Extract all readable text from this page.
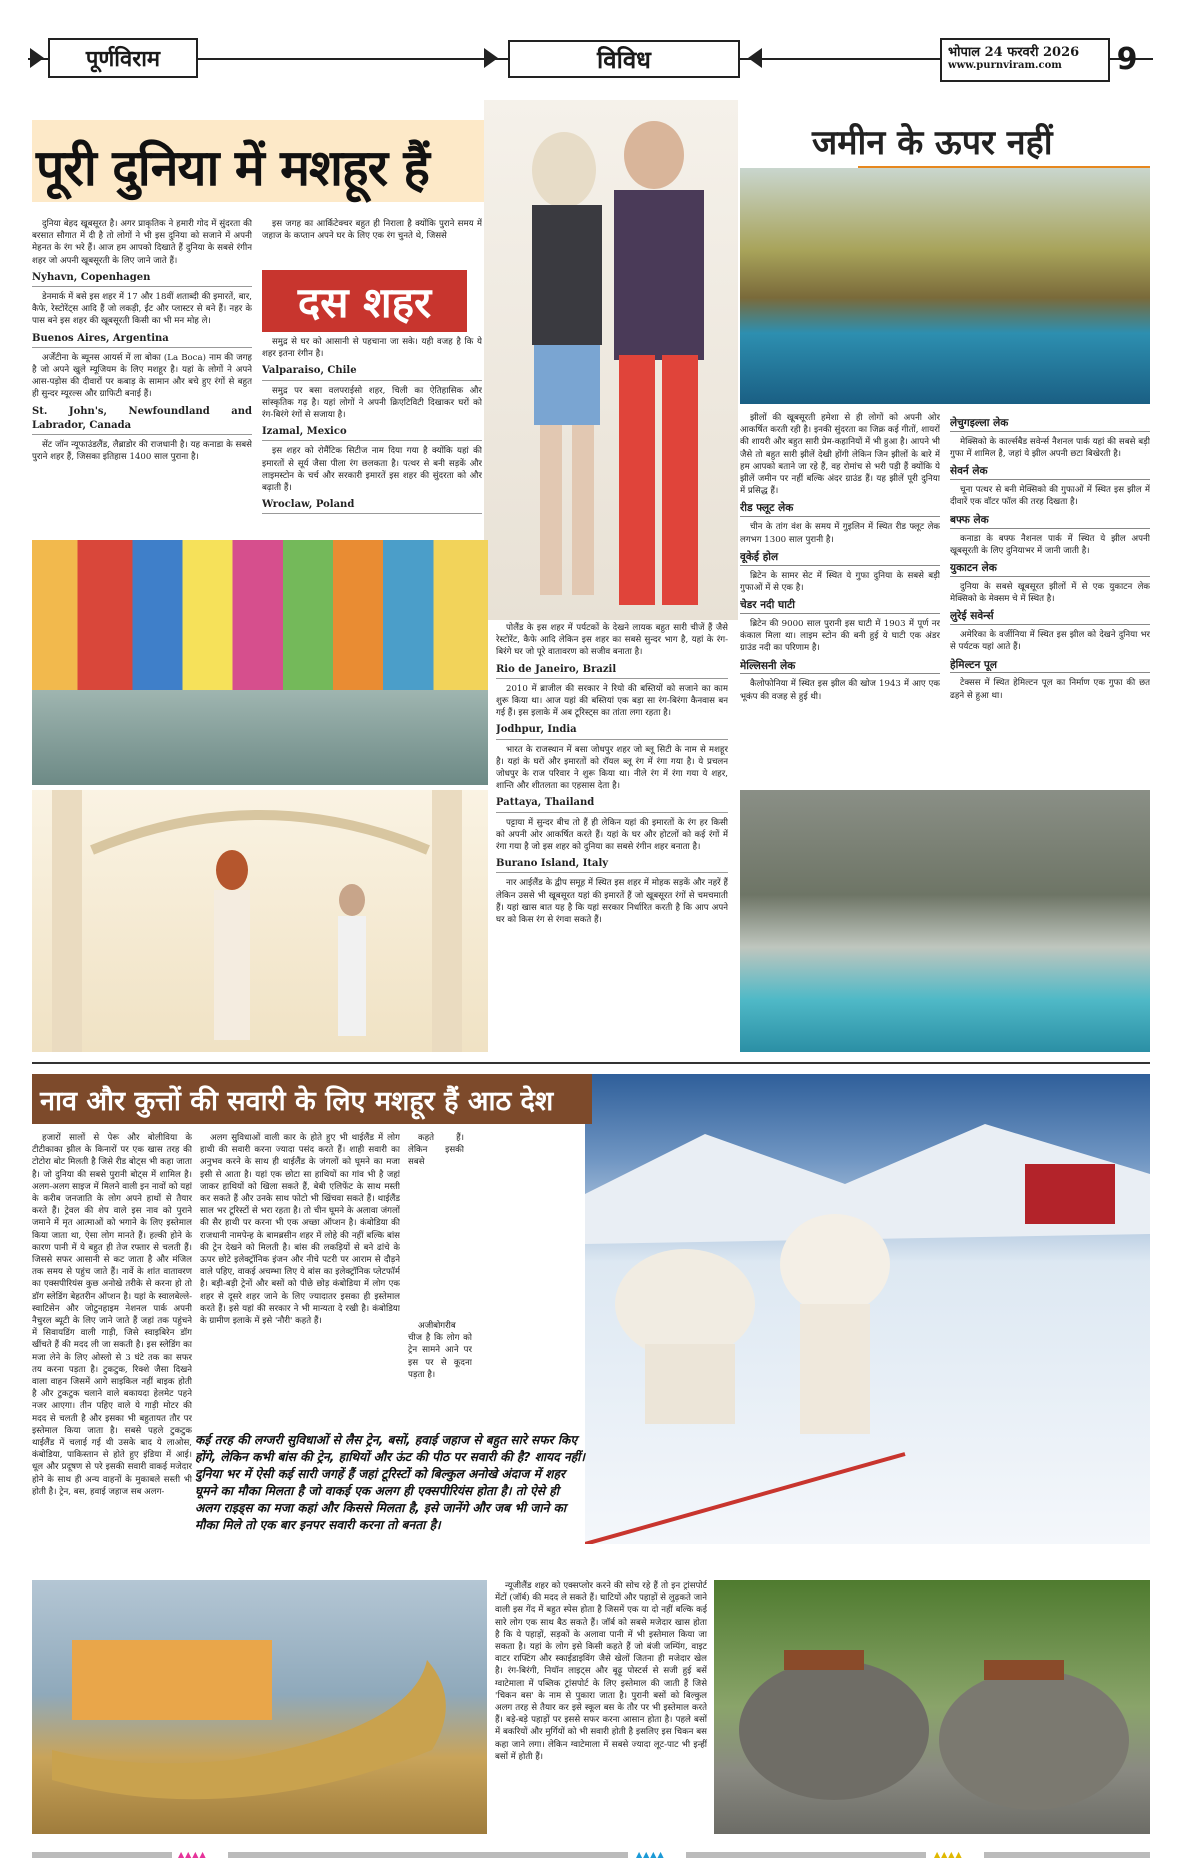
पूर्णविराम	विविध	भोपाल 24 फरवरी 2026
www.purnviram.com	9
पूरी दुनिया में मशहूर हैं
दस शहर

दुनिया बेहद खूबसूरत है। अगर प्राकृतिक ने हमारी गोद में सुंदरता की बरसात सौगात में दी है तो लोगों ने भी इस दुनिया को सजाने में अपनी मेहनत के रंग भरे हैं। आज हम आपको दिखाते हैं दुनिया के सबसे रंगीन शहर जो अपनी खूबसूरती के लिए जाने जाते हैं।

Nyhavn, Copenhagen

डेनमार्क में बसे इस शहर में 17 और 18वीं शताब्दी की इमारतें, बार, कैफे, रेस्टोरेंट्स आदि हैं जो लकड़ी, ईंट और प्लास्टर से बने हैं। नहर के पास बने इस शहर की खूबसूरती किसी का भी मन मोह ले।

Buenos Aires, Argentina

अर्जेंटीना के ब्यूनस आयर्स में ला बोका (La Boca) नाम की जगह है जो अपने खुले म्यूजियम के लिए मशहूर है। यहां के लोगों ने अपने आस-पड़ोस की दीवारों पर कबाड़ के सामान और बचे हुए रंगों से बहुत ही सुन्दर म्यूरल्स और ग्राफिटी बनाई हैं।

St. John's, Newfoundland and Labrador, Canada

सेंट जॉन न्यूफाउंडलैंड, लैब्राडोर की राजधानी है। यह कनाडा के सबसे पुराने शहर हैं, जिसका इतिहास 1400 साल पुराना है।

इस जगह का आर्किटेक्चर बहुत ही निराला है क्योंकि पुराने समय में जहाज के कप्तान अपने घर के लिए एक रंग चुनते थे, जिससे

समुद्र से घर को आसानी से पहचाना जा सके। यही वजह है कि ये शहर इतना रंगीन है।

Valparaiso, Chile

समुद्र पर बसा वलपराईसो शहर, चिली का ऐतिहासिक और सांस्कृतिक गढ़ है। यहां लोगों ने अपनी क्रिएटिविटी दिखाकर घरों को रंग-बिरंगे रंगों से सजाया है।

Izamal, Mexico

इस शहर को रोमैंटिक सिटीज नाम दिया गया है क्योंकि यहां की इमारतों से सूर्य जैसा पीला रंग छलकता है। पत्थर से बनी सड़कें और लाइमस्टोन के चर्च और सरकारी इमारतें इस शहर की सुंदरता को और बढ़ाती हैं।

Wroclaw, Poland

पोलैंड के इस शहर में पर्यटकों के देखने लायक बहुत सारी चीजें हैं जैसे रेस्टोरेंट, कैफे आदि लेकिन इस शहर का सबसे सुन्दर भाग है, यहां के रंग-बिरंगे घर जो पूरे वातावरण को सजीव बनाता है।

Rio de Janeiro, Brazil

2010 में ब्राजील की सरकार ने रियो की बस्तियों को सजाने का काम शुरू किया था। आज यहां की बस्तियां एक बड़ा सा रंग-बिरंगा कैनवास बन गई हैं। इस इलाके में अब टूरिस्ट्स का तांता लगा रहता है।

Jodhpur, India

भारत के राजस्थान में बसा जोधपुर शहर जो ब्लू सिटी के नाम से मशहूर है। यहां के घरों और इमारतों को रॉयल ब्लू रंग में रंगा गया है। ये प्रचलन जोधपुर के राज परिवार ने शुरू किया था। नीले रंग में रंगा गया ये शहर, शान्ति और शीतलता का एहसास देता है।

Pattaya, Thailand

पट्टाया में सुन्दर बीच तो हैं ही लेकिन यहां की इमारतों के रंग हर किसी को अपनी ओर आकर्षित करते हैं। यहां के घर और होटलों को कई रंगों में रंगा गया है जो इस शहर को दुनिया का सबसे रंगीन शहर बनाता है।

Burano Island, Italy

नार आईलैंड के द्वीप समूह में स्थित इस शहर में मोहक सड़कें और नहरें हैं लेकिन उससे भी खूबसूरत यहां की इमारतें हैं जो खूबसूरत रंगों से चमचमाती हैं। यहां खास बात यह है कि यहां सरकार निर्धारित करती है कि आप अपने घर को किस रंग से रंगवा सकते हैं।

जमीन के ऊपर नहीं

झीलों की खूबसूरती हमेशा से ही लोगों को अपनी ओर आकर्षित करती रही है। इनकी सुंदरता का जिक्र कई गीतों, शायरों की शायरी और बहुत सारी प्रेम-कहानियों में भी हुआ है। आपने भी जैसे तो बहुत सारी झीलें देखी होंगी लेकिन जिन झीलों के बारे में हम आपको बताने जा रहे हैं, वह रोमांच से भरी पड़ी हैं क्योंकि ये झीलें जमीन पर नहीं बल्कि अंदर ग्राउंड हैं। यह झीलें पूरी दुनिया में प्रसिद्ध हैं।

रीड फ्लूट लेक

चीन के तांग वंश के समय में गुइलिन में स्थित रीड फ्लूट लेक लगभग 1300 साल पुरानी है।

वूकेई होल

ब्रिटेन के सामर सेट में स्थित ये गुफा दुनिया के सबसे बड़ी गुफाओं में से एक है।

चेडर नदी घाटी

ब्रिटेन की 9000 साल पुरानी इस घाटी में 1903 में पूर्ण नर कंकाल मिला था। लाइम स्टोन की बनी हुई ये घाटी एक अंडर ग्राउंड नदी का परिणाम है।

मेल्लिसनी लेक

कैलोफोनिया में स्थित इस झील की खोज 1943 में आए एक भूकंप की वजह से हुई थी।

लेचुगइल्ला लेक

मेक्सिको के कार्ल्सबैड सवेर्न्स नैशनल पार्क यहां की सबसे बड़ी गुफा में शामिल है, जहां ये झील अपनी छटा बिखेरती है।

सेवर्न लेक

चूना पत्थर से बनी मेक्सिको की गुफाओं में स्थित इस झील में दीवारें एक वॉटर फॉल की तरह दिखता है।

बफ्फ लेक

कनाडा के बफ्फ नैशनल पार्क में स्थित ये झील अपनी खूबसूरती के लिए दुनियाभर में जानी जाती है।

युकाटन लेक

दुनिया के सबसे खूबसूरत झीलों में से एक युकाटन लेक मेक्सिको के मेक्सम चे में स्थित है।

लुरेई सवेर्न्स

अमेरिका के वर्जीनिया में स्थित इस झील को देखने दुनिया भर से पर्यटक यहां आते हैं।

हेमिल्टन पूल

टेक्सस में स्थित हेमिल्टन पूल का निर्माण एक गुफा की छत ढहने से हुआ था।

नाव और कुत्तों की सवारी के लिए मशहूर हैं आठ देश

हजारों सालों से पेरू और बोलीविया के टीटीकाका झील के किनारों पर एक खास तरह की टोटोरा बोट मिलती है जिसे रीड बोट्स भी कहा जाता है। जो दुनिया की सबसे पुरानी बोट्स में शामिल है। अलग-अलग साइज में मिलने वाली इन नावों को यहां के करीब जनजाति के लोग अपने हाथों से तैयार करते हैं। ट्रेवल की शेप वाले इस नाव को पुराने जमाने में मृत आत्माओं को भगाने के लिए इस्तेमाल किया जाता था, ऐसा लोग मानते हैं। हल्की होने के कारण पानी में ये बहुत ही तेज रफ्तार से चलती हैं। जिससे सफर आसानी से कट जाता है और मंजिल तक समय से पहुंच जाते हैं। नार्वे के शांत वातावरण का एक्सपीरियंस कुछ अनोखे तरीके से करना हो तो डॉग स्लेडिंग बेहतरीन ऑप्शन है। यहां के स्वालबेल्ले-स्वाटिसेन और जोटुनहाइम नेशनल पार्क अपनी नैचुरल ब्यूटी के लिए जाने जाते हैं जहां तक पहुंचने में सिवायडिंग वाली गाड़ी, जिसे स्वाइबिरेन डॉग खींचते हैं की मदद ली जा सकती है। इस स्लेडिंग का मजा लेने के लिए ओस्लो से 3 घंटे तक का सफर तय करना पड़ता है। टुकटुक, रिक्शे जैसा दिखने वाला वाहन जिसमें आगे साइकिल नहीं बाइक होती है और टुकटुक चलाने वाले बकायदा हेलमेट पहने नजर आएगा। तीन पहिए वाले ये गाड़ी मोटर की मदद से चलती है और इसका भी बहुतायत तौर पर इस्तेमाल किया जाता है। सबसे पहले टुकटुक थाईलैंड में चलाई गई थी उसके बाद ये लाओस, कंबोडिया, पाकिस्तान से होते हुए इंडिया में आई। धूल और प्रदूषण से परे इसकी सवारी वाकई मजेदार होने के साथ ही अन्य वाहनों के मुकाबले सस्ती भी होती है। ट्रेन, बस, हवाई जहाज सब अलग-

अलग सुविधाओं वाली कार के होते हुए भी थाईलैंड में लोग हाथी की सवारी करना ज्यादा पसंद करते हैं। शाही सवारी का अनुभव करने के साथ ही थाईलैंड के जंगलों को घूमने का मजा इसी से आता है। यहां एक छोटा सा हाथियों का गांव भी है जहां जाकर हाथियों को खिला सकते हैं, बेबी एलिफेंट के साथ मस्ती कर सकते हैं और उनके साथ फोटो भी खिंचवा सकते हैं। थाईलैंड साल भर टूरिस्टों से भरा रहता है। तो चीन घूमने के अलावा जंगलों की सैर हाथी पर करना भी एक अच्छा ऑप्शन है। कंबोडिया की राजधानी नामपेन्ह के बामब्रसीन शहर में लोहे की नहीं बल्कि बांस की ट्रेन देखने को मिलती है। बांस की लकड़ियों से बने ढांचे के ऊपर छोटे इलेक्ट्रॉनिक इंजन और नीचे पटरी पर आराम से दौड़ने वाले पहिए, वाकई अचम्भा लिए ये बांस का इलेक्ट्रॉनिक प्लेटफॉर्म है। बड़ी-बड़ी ट्रेनों और बसों को पीछे छोड़ कंबोडिया में लोग एक शहर से दूसरे शहर जाने के लिए ज्यादातर इसका ही इस्तेमाल करते हैं। इसे यहां की सरकार ने भी मान्यता दे रखी है। कंबोडिया के ग्रामीण इलाके में इसे 'नौरी' कहते हैं।

कहते हैं। लेकिन इसकी सबसे

अजीबोगरीब चीज है कि लोग को ट्रेन सामने आने पर इस पर से कूदना पड़ता है।

कई तरह की लग्जरी सुविधाओं से लैस ट्रेन, बसों, हवाई जहाज से बहुत सारे सफर किए होंगे, लेकिन कभी बांस की ट्रेन, हाथियों और ऊंट की पीठ पर सवारी की है? शायद नहीं। दुनिया भर में ऐसी कई सारी जगहें हैं जहां टूरिस्टों को बिल्कुल अनोखे अंदाज में शहर घूमने का मौका मिलता है जो वाकई एक अलग ही एक्सपीरियंस होता है। तो ऐसे ही अलग राइड्स का मजा कहां और किससे मिलता है, इसे जानेंगे और जब भी जाने का मौका मिले तो एक बार इनपर सवारी करना तो बनता है।

न्यूजीलैंड शहर को एक्सप्लोर करने की सोच रहे हैं तो इन ट्रांसपोर्ट मेंटों (जॉर्ब) की मदद ले सकते हैं। घाटियों और पहाड़ों से लुढ़कते जाने वाली इस गेंद में बहुत स्पेस होता है जिसमें एक या दो नहीं बल्कि कई सारे लोग एक साथ बैठ सकते हैं। जॉर्ब को सबसे मजेदार खास होता है कि ये पहाड़ों, सड़कों के अलावा पानी में भी इस्तेमाल किया जा सकता है। यहां के लोग इसे किसी कहते हैं जो बंजी जम्पिंग, वाइट वाटर राफ्टिंग और स्काईडाइविंग जैसे खेलों जितना ही मजेदार खेल है। रंग-बिरंगी, नियॉन लाइट्स और बूढ़ू पोस्टर्स से सजी हुई बसें ग्वाटेमाला में पब्लिक ट्रांसपोर्ट के लिए इस्तेमाल की जाती हैं जिसे 'चिकन बस' के नाम से पुकारा जाता है। पुरानी बसों को बिल्कुल अलग तरह से तैयार कर इसे स्कूल बस के तौर पर भी इस्तेमाल करते हैं। बड़े-बड़े पहाड़ों पर इससे सफर करना आसान होता है। पहले बसों में बकरियों और मुर्गियों को भी सवारी होती है इसलिए इस चिकन बस कहा जाने लगा। लेकिन ग्वाटेमाला में सबसे ज्यादा लूट-पाट भी इन्हीं बसों में होती हैं।

▲▲▲▲	▲▲▲▲	▲▲▲▲
